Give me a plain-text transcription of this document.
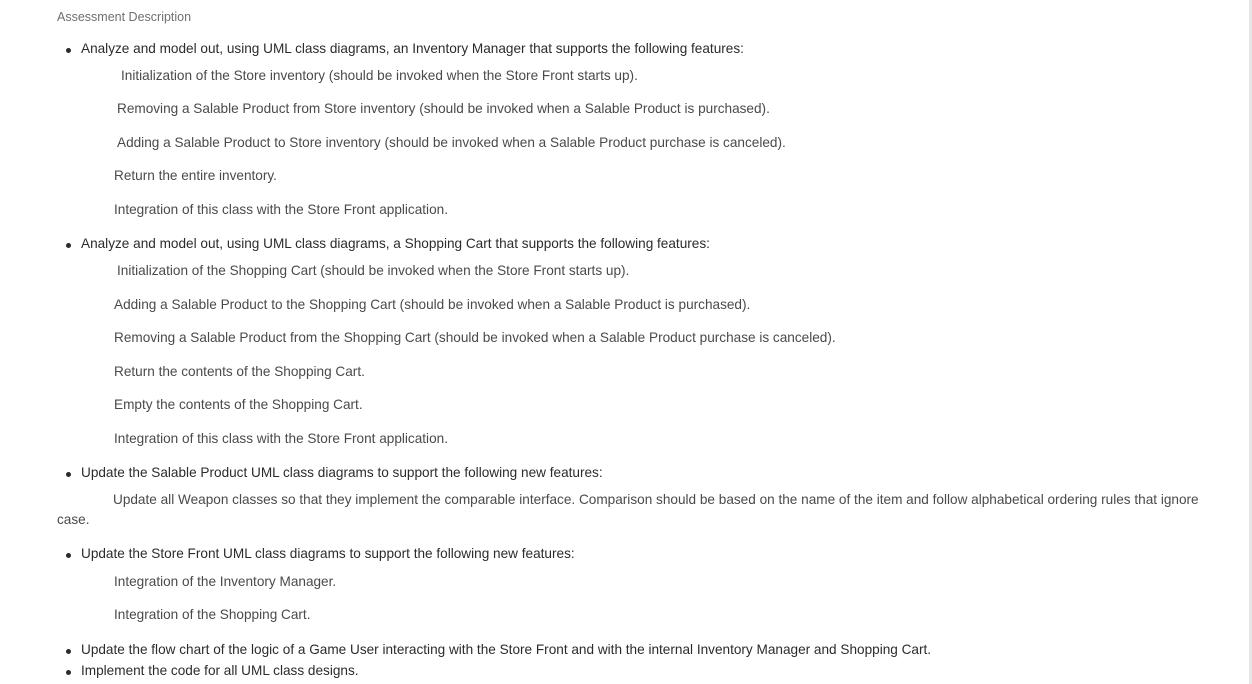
Assessment Description
Analyze and model out, using UML class diagrams, an Inventory Manager that supports the following features:
Initialization of the Store inventory (should be invoked when the Store Front starts up).
Removing a Salable Product from Store inventory (should be invoked when a Salable Product is purchased).
Adding a Salable Product to Store inventory (should be invoked when a Salable Product purchase is canceled).
Return the entire inventory.
Integration of this class with the Store Front application.
Analyze and model out, using UML class diagrams, a Shopping Cart that supports the following features:
Initialization of the Shopping Cart (should be invoked when the Store Front starts up).
Adding a Salable Product to the Shopping Cart (should be invoked when a Salable Product is purchased).
Removing a Salable Product from the Shopping Cart (should be invoked when a Salable Product purchase is canceled).
Return the contents of the Shopping Cart.
Empty the contents of the Shopping Cart.
Integration of this class with the Store Front application.
Update the Salable Product UML class diagrams to support the following new features:
Update all Weapon classes so that they implement the comparable interface. Comparison should be based on the name of the item and follow alphabetical ordering rules that ignore case.
Update the Store Front UML class diagrams to support the following new features:
Integration of the Inventory Manager.
Integration of the Shopping Cart.
Update the flow chart of the logic of a Game User interacting with the Store Front and with the internal Inventory Manager and Shopping Cart.
Implement the code for all UML class designs.
